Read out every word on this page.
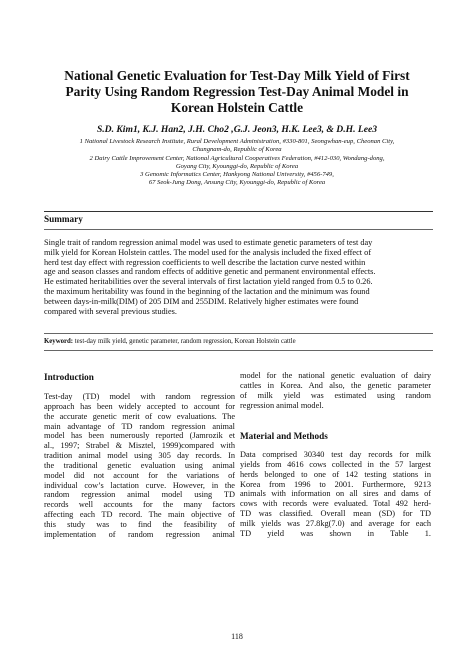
National Genetic Evaluation for Test-Day Milk Yield of First
Parity Using Random Regression Test-Day Animal Model in
Korean Holstein Cattle
S.D. Kim1, K.J. Han2, J.H. Cho2 ,G.J. Jeon3, H.K. Lee3, & D.H. Lee3
1 National Livestock Research Institute, Rural Development Administration, #330-801, Seongwhan-eup, Cheonan City,
Chungnam-do, Republic of Korea
2 Dairy Cattle Improvement Center, National Agricultural Cooperatives Federation, #412-030, Wondang-dong,
Goyang City, Kyounggi-do, Republic of Korea
3 Genomic Informatics Center, Hankyong National University, #456-749,
67 Seok-Jung Dong, Ansung City, Kyounggi-do, Republic of Korea
Summary
Single trait of random regression animal model was used to estimate genetic parameters of test day
milk yield for Korean Holstein cattles. The model used for the analysis included the fixed effect of
herd test day effect with regression coefficients to well describe the lactation curve nested within
age and season classes and random effects of additive genetic and permanent environmental effects.
He estimated heritabilities over the several intervals of first lactation yield ranged from 0.5 to 0.26.
the maximum heritability was found in the beginning of the lactation and the minimum was found
between days-in-milk(DIM) of 205 DIM and 255DIM. Relatively higher estimates were found
compared with several previous studies.
Keyword: test-day milk yield, genetic parameter, random regression, Korean Holstein cattle
Introduction
Test-day (TD) model with random regression
approach has been widely accepted to account for
the accurate genetic merit of cow evaluations. The
main advantage of TD random regression animal
model has been numerously reported (Jamrozik et
al., 1997; Strabel & Misztel, 1999)compared with
tradition animal model using 305 day records. In
the traditional genetic evaluation using animal
model did not account for the variations of
individual cow’s lactation curve. However, in the
random regression animal model using TD
records well accounts for the many factors
affecting each TD record. The main objective of
this study was to find the feasibility of
implementation of random regression animal
model for the national genetic evaluation of dairy
cattles in Korea. And also, the genetic parameter
of milk yield was estimated using random
regression animal model.
Material and Methods
Data comprised 30340 test day records for milk
yields from 4616 cows collected in the 57 largest
herds belonged to one of 142 testing stations in
Korea from 1996 to 2001. Furthermore, 9213
animals with information on all sires and dams of
cows with records were evaluated. Total 492 herd-
TD was classified. Overall mean (SD) for TD
milk yields was 27.8kg(7.0) and average for each
TD yield was shown in Table 1.
118
